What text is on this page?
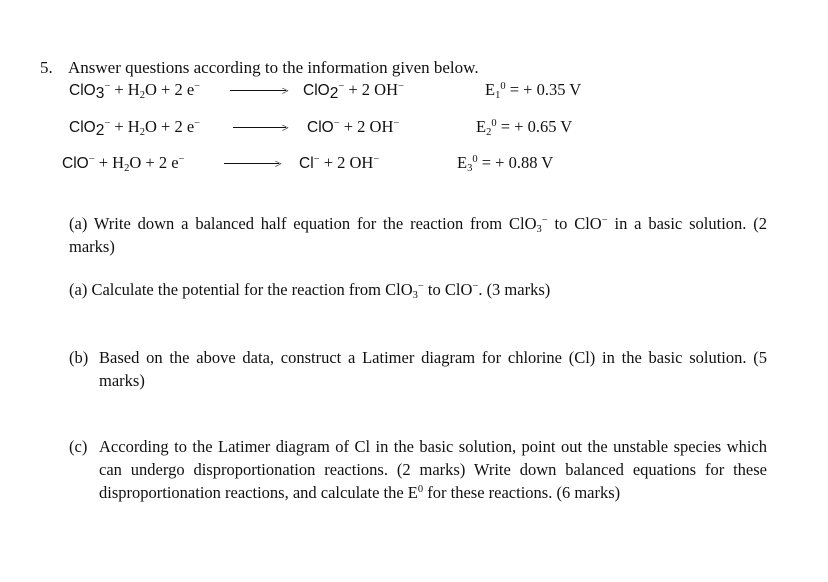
5. Answer questions according to the information given below.
$ClO_3^- + H_2O + 2$ e−	> ClO$_2$− + 2 OH−	$E_1^0$ = + 0.35 V
$ClO_2^- + H_2O + 2$ e−	> ClO− + 2 OH−	$E_2^0$ = + 0.65 V
$ClO^- + H_2O + 2$ e−	> Cl− + 2 OH−	$E_3^0$ = + 0.88 V
(a) Write down a balanced half equation for the reaction from ClO$_3$− to ClO− in a basic solution. (2 marks)
(a) Calculate the potential for the reaction from ClO$_3$− to ClO−. (3 marks)
(b) Based on the above data, construct a Latimer diagram for chlorine (Cl) in the basic solution. (5 marks)
(c) According to the Latimer diagram of Cl in the basic solution, point out the unstable species which can undergo disproportionation reactions. (2 marks) Write down balanced equations for these disproportionation reactions, and calculate the $E^0$ for these reactions. (6 marks)
